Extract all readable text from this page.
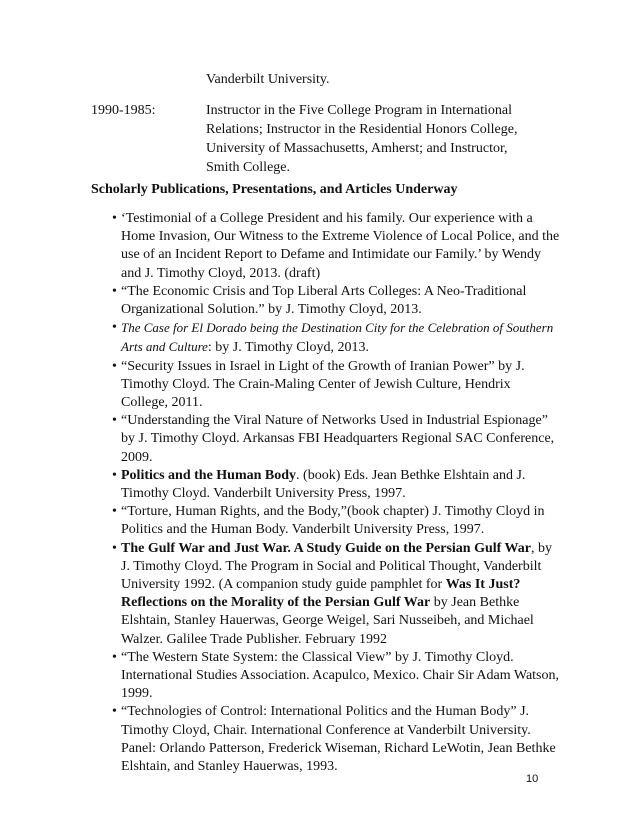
Vanderbilt University.
1990-1985:	Instructor in the Five College Program in International Relations; Instructor in the Residential Honors College, University of Massachusetts, Amherst; and Instructor, Smith College.
Scholarly Publications, Presentations, and Articles Underway
• ‘Testimonial of a College President and his family. Our experience with a Home Invasion, Our Witness to the Extreme Violence of Local Police, and the use of an Incident Report to Defame and Intimidate our Family.’ by Wendy and J. Timothy Cloyd, 2013. (draft)
• “The Economic Crisis and Top Liberal Arts Colleges: A Neo-Traditional Organizational Solution.” by J. Timothy Cloyd, 2013.
• The Case for El Dorado being the Destination City for the Celebration of Southern Arts and Culture: by J. Timothy Cloyd, 2013.
• “Security Issues in Israel in Light of the Growth of Iranian Power” by J. Timothy Cloyd. The Crain-Maling Center of Jewish Culture, Hendrix College, 2011.
• “Understanding the Viral Nature of Networks Used in Industrial Espionage” by J. Timothy Cloyd. Arkansas FBI Headquarters Regional SAC Conference, 2009.
• Politics and the Human Body. (book) Eds. Jean Bethke Elshtain and J. Timothy Cloyd. Vanderbilt University Press, 1997.
• “Torture, Human Rights, and the Body,”(book chapter) J. Timothy Cloyd in Politics and the Human Body. Vanderbilt University Press, 1997.
• The Gulf War and Just War. A Study Guide on the Persian Gulf War, by J. Timothy Cloyd. The Program in Social and Political Thought, Vanderbilt University 1992. (A companion study guide pamphlet for Was It Just? Reflections on the Morality of the Persian Gulf War by Jean Bethke Elshtain, Stanley Hauerwas, George Weigel, Sari Nusseibeh, and Michael Walzer. Galilee Trade Publisher. February 1992
• “The Western State System: the Classical View” by J. Timothy Cloyd. International Studies Association. Acapulco, Mexico. Chair Sir Adam Watson, 1999.
• “Technologies of Control: International Politics and the Human Body” J. Timothy Cloyd, Chair. International Conference at Vanderbilt University. Panel: Orlando Patterson, Frederick Wiseman, Richard LeWotin, Jean Bethke Elshtain, and Stanley Hauerwas, 1993.
10
